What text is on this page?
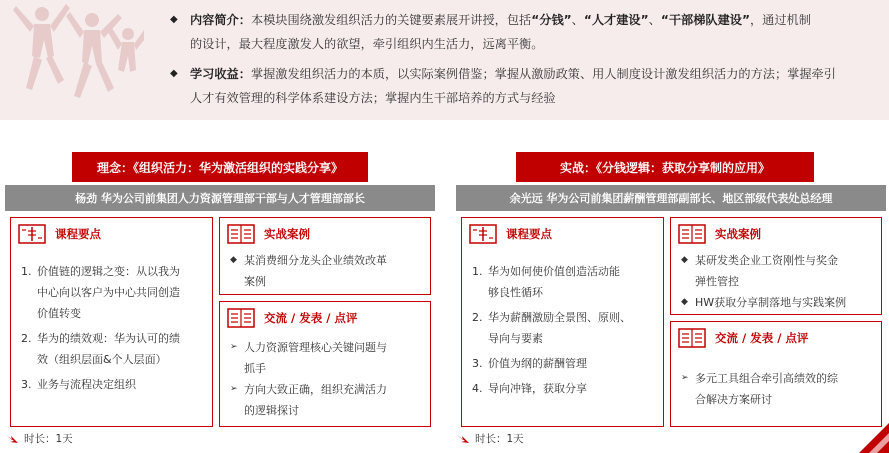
◆ 内容简介：本模块围绕激发组织活力的关键要素展开讲授，包括“分钱”、“人才建设”、“干部梯队建设”，通过机制
的设计，最大程度激发人的欲望，牵引组织内生活力，远离平衡。
◆ 学习收益：掌握激发组织活力的本质，以实际案例借鉴；掌握从激励政策、用人制度设计激发组织活力的方法；掌握牵引
人才有效管理的科学体系建设方法；掌握内生干部培养的方式与经验
理念：《组织活力：华为激活组织的实践分享》
杨劲 华为公司前集团人力资源管理部干部与人才管理部部长
课程要点
1. 价值链的逻辑之变：从以我为
中心向以客户为中心共同创造
价值转变
2. 华为的绩效观：华为认可的绩
效（组织层面&个人层面）
3. 业务与流程决定组织
实战案例
◆ 某消费细分龙头企业绩效改革
案例
交流 / 发表 / 点评
➢ 人力资源管理核心关键问题与
抓手
➢ 方向大致正确，组织充满活力
的逻辑探讨
时长：1天
实战：《分钱逻辑：获取分享制的应用》
余光远 华为公司前集团薪酬管理部副部长、地区部级代表处总经理
课程要点
1. 华为如何使价值创造活动能
够良性循环
2. 华为薪酬激励全景图、原则、
导向与要素
3. 价值为纲的薪酬管理
4. 导向冲锋，获取分享
实战案例
◆ 某研发类企业工资刚性与奖金
弹性管控
◆ HW获取分享制落地与实践案例
交流 / 发表 / 点评
➢ 多元工具组合牵引高绩效的综
合解决方案研讨
时长：1天
